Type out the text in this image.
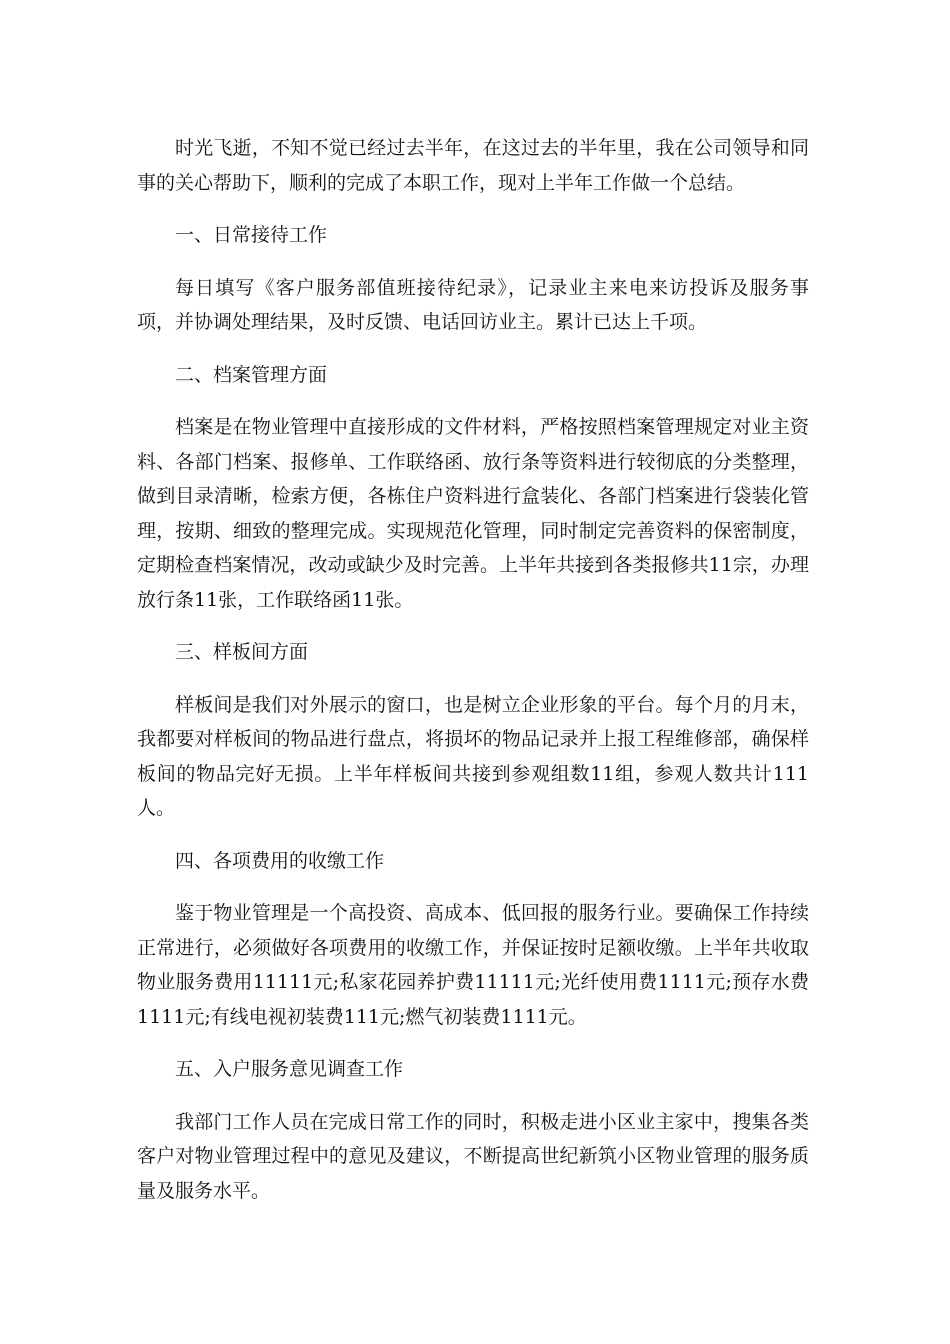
时光飞逝，不知不觉已经过去半年，在这过去的半年里，我在公司领导和同事的关心帮助下，顺利的完成了本职工作，现对上半年工作做一个总结。

一、日常接待工作

每日填写《客户服务部值班接待纪录》，记录业主来电来访投诉及服务事项，并协调处理结果，及时反馈、电话回访业主。累计已达上千项。

二、档案管理方面

档案是在物业管理中直接形成的文件材料，严格按照档案管理规定对业主资料、各部门档案、报修单、工作联络函、放行条等资料进行较彻底的分类整理，做到目录清晰，检索方便，各栋住户资料进行盒装化、各部门档案进行袋装化管理，按期、细致的整理完成。实现规范化管理，同时制定完善资料的保密制度，定期检查档案情况，改动或缺少及时完善。上半年共接到各类报修共11宗，办理放行条11张，工作联络函11张。

三、样板间方面

样板间是我们对外展示的窗口，也是树立企业形象的平台。每个月的月末，我都要对样板间的物品进行盘点，将损坏的物品记录并上报工程维修部，确保样板间的物品完好无损。上半年样板间共接到参观组数11组，参观人数共计111人。

四、各项费用的收缴工作

鉴于物业管理是一个高投资、高成本、低回报的服务行业。要确保工作持续正常进行，必须做好各项费用的收缴工作，并保证按时足额收缴。上半年共收取物业服务费用11111元;私家花园养护费11111元;光纤使用费1111元;预存水费1111元;有线电视初装费111元;燃气初装费1111元。

五、入户服务意见调查工作

我部门工作人员在完成日常工作的同时，积极走进小区业主家中，搜集各类客户对物业管理过程中的意见及建议，不断提高世纪新筑小区物业管理的服务质量及服务水平。
